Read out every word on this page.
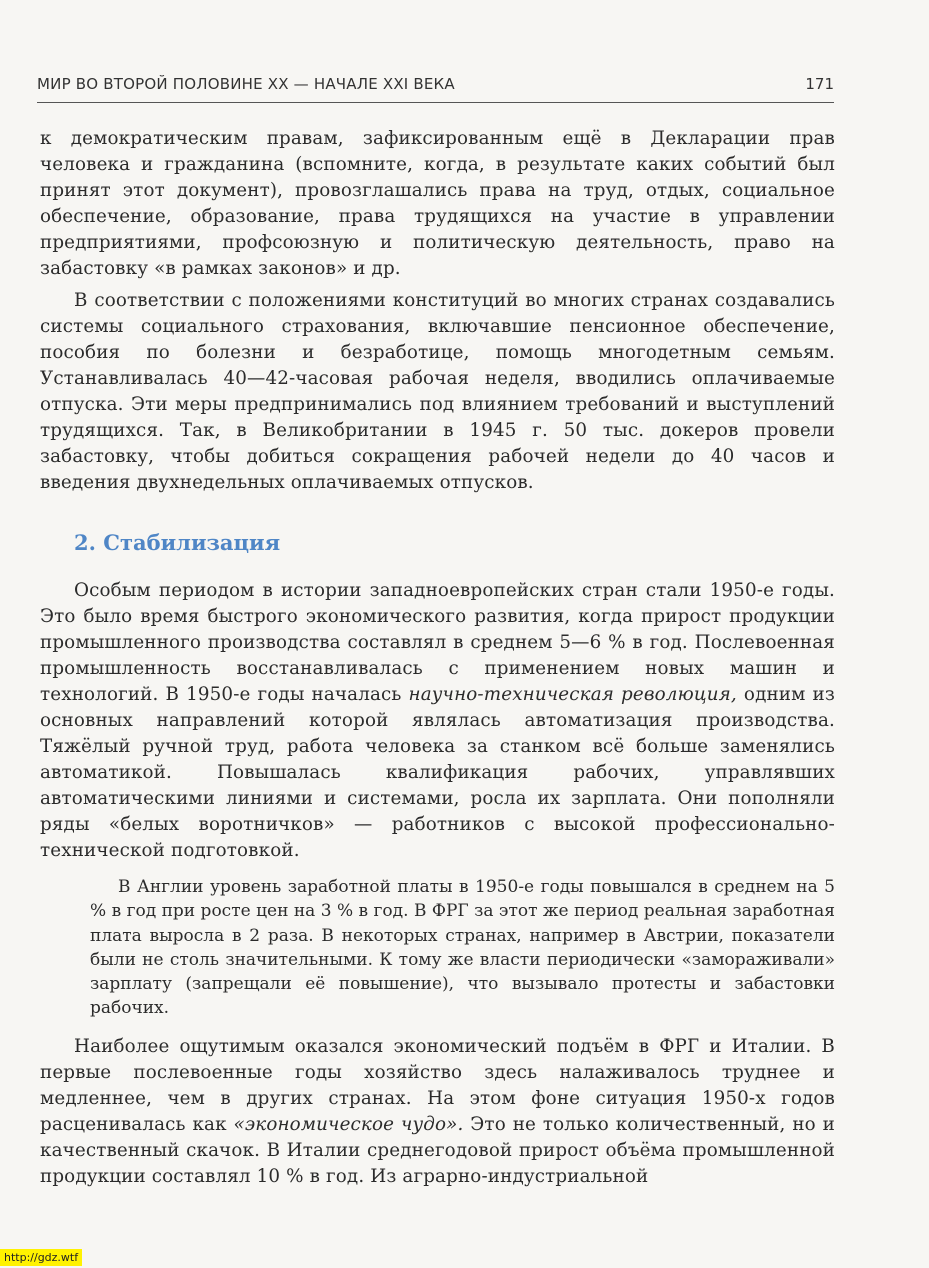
МИР ВО ВТОРОЙ ПОЛОВИНЕ XX — НАЧАЛЕ XXI ВЕКА	171

к демократическим правам, зафиксированным ещё в Декларации прав человека и гражданина (вспомните, когда, в результате каких событий был принят этот документ), провозглашались права на труд, отдых, социальное обеспечение, образование, права трудящихся на участие в управлении предприятиями, профсоюзную и политическую деятельность, право на забастовку «в рамках законов» и др.

В соответствии с положениями конституций во многих странах создавались системы социального страхования, включавшие пенсионное обеспечение, пособия по болезни и безработице, помощь многодетным семьям. Устанавливалась 40—42-часовая рабочая неделя, вводились оплачиваемые отпуска. Эти меры предпринимались под влиянием требований и выступлений трудящихся. Так, в Великобритании в 1945 г. 50 тыс. докеров провели забастовку, чтобы добиться сокращения рабочей недели до 40 часов и введения двухнедельных оплачиваемых отпусков.

2. Стабилизация

Особым периодом в истории западноевропейских стран стали 1950-е годы. Это было время быстрого экономического развития, когда прирост продукции промышленного производства составлял в среднем 5—6 % в год. Послевоенная промышленность восстанавливалась с применением новых машин и технологий. В 1950-е годы началась научно-техническая революция, одним из основных направлений которой являлась автоматизация производства. Тяжёлый ручной труд, работа человека за станком всё больше заменялись автоматикой. Повышалась квалификация рабочих, управлявших автоматическими линиями и системами, росла их зарплата. Они пополняли ряды «белых воротничков» — работников с высокой профессионально-технической подготовкой.

В Англии уровень заработной платы в 1950-е годы повышался в среднем на 5 % в год при росте цен на 3 % в год. В ФРГ за этот же период реальная заработная плата выросла в 2 раза. В некоторых странах, например в Австрии, показатели были не столь значительными. К тому же власти периодически «замораживали» зарплату (запрещали её повышение), что вызывало протесты и забастовки рабочих.

Наиболее ощутимым оказался экономический подъём в ФРГ и Италии. В первые послевоенные годы хозяйство здесь налаживалось труднее и медленнее, чем в других странах. На этом фоне ситуация 1950-х годов расценивалась как «экономическое чудо». Это не только количественный, но и качественный скачок. В Италии среднегодовой прирост объёма промышленной продукции составлял 10 % в год. Из аграрно-индустриальной

http://gdz.wtf
